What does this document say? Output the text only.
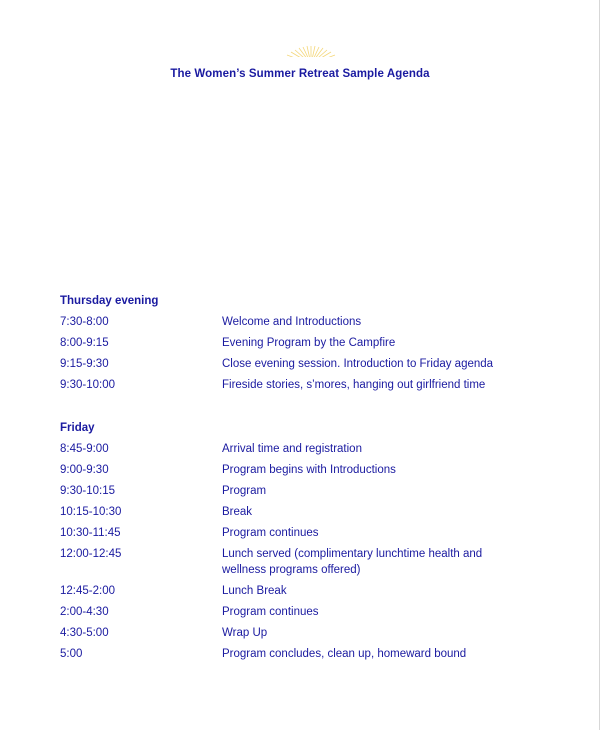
The Women’s Summer Retreat Sample Agenda
Thursday evening
7:30-8:00	Welcome and Introductions
8:00-9:15	Evening Program by the Campfire
9:15-9:30	Close evening session. Introduction to Friday agenda
9:30-10:00	Fireside stories, s’mores, hanging out girlfriend time
Friday
8:45-9:00	Arrival time and registration
9:00-9:30	Program begins with Introductions
9:30-10:15	Program
10:15-10:30	Break
10:30-11:45	Program continues
12:00-12:45	Lunch served (complimentary lunchtime health and wellness programs offered)
12:45-2:00	Lunch Break
2:00-4:30	Program continues
4:30-5:00	Wrap Up
5:00	Program concludes, clean up, homeward bound
